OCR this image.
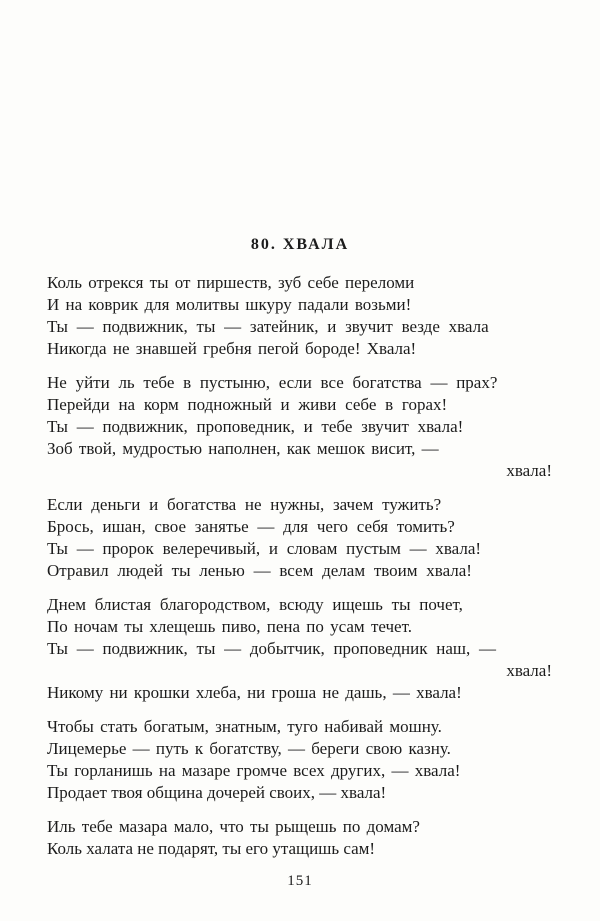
80. ХВАЛА
Коль отрекся ты от пиршеств, зуб себе переломи
И на коврик для молитвы шкуру падали возьми!
Ты — подвижник, ты — затейник, и звучит везде хвала
Никогда не знавшей гребня пегой бороде! Хвала!
Не уйти ль тебе в пустыню, если все богатства — прах?
Перейди на корм подножный и живи себе в горах!
Ты — подвижник, проповедник, и тебе звучит хвала!
Зоб твой, мудростью наполнен, как мешок висит, —
хвала!
Если деньги и богатства не нужны, зачем тужить?
Брось, ишан, свое занятье — для чего себя томить?
Ты — пророк велеречивый, и словам пустым — хвала!
Отравил людей ты ленью — всем делам твоим хвала!
Днем блистая благородством, всюду ищешь ты почет,
По ночам ты хлещешь пиво, пена по усам течет.
Ты — подвижник, ты — добытчик, проповедник наш, —
хвала!
Никому ни крошки хлеба, ни гроша не дашь, — хвала!
Чтобы стать богатым, знатным, туго набивай мошну.
Лицемерье — путь к богатству, — береги свою казну.
Ты горланишь на мазаре громче всех других, — хвала!
Продает твоя община дочерей своих, — хвала!
Иль тебе мазара мало, что ты рыщешь по домам?
Коль халата не подарят, ты его утащишь сам!
151
